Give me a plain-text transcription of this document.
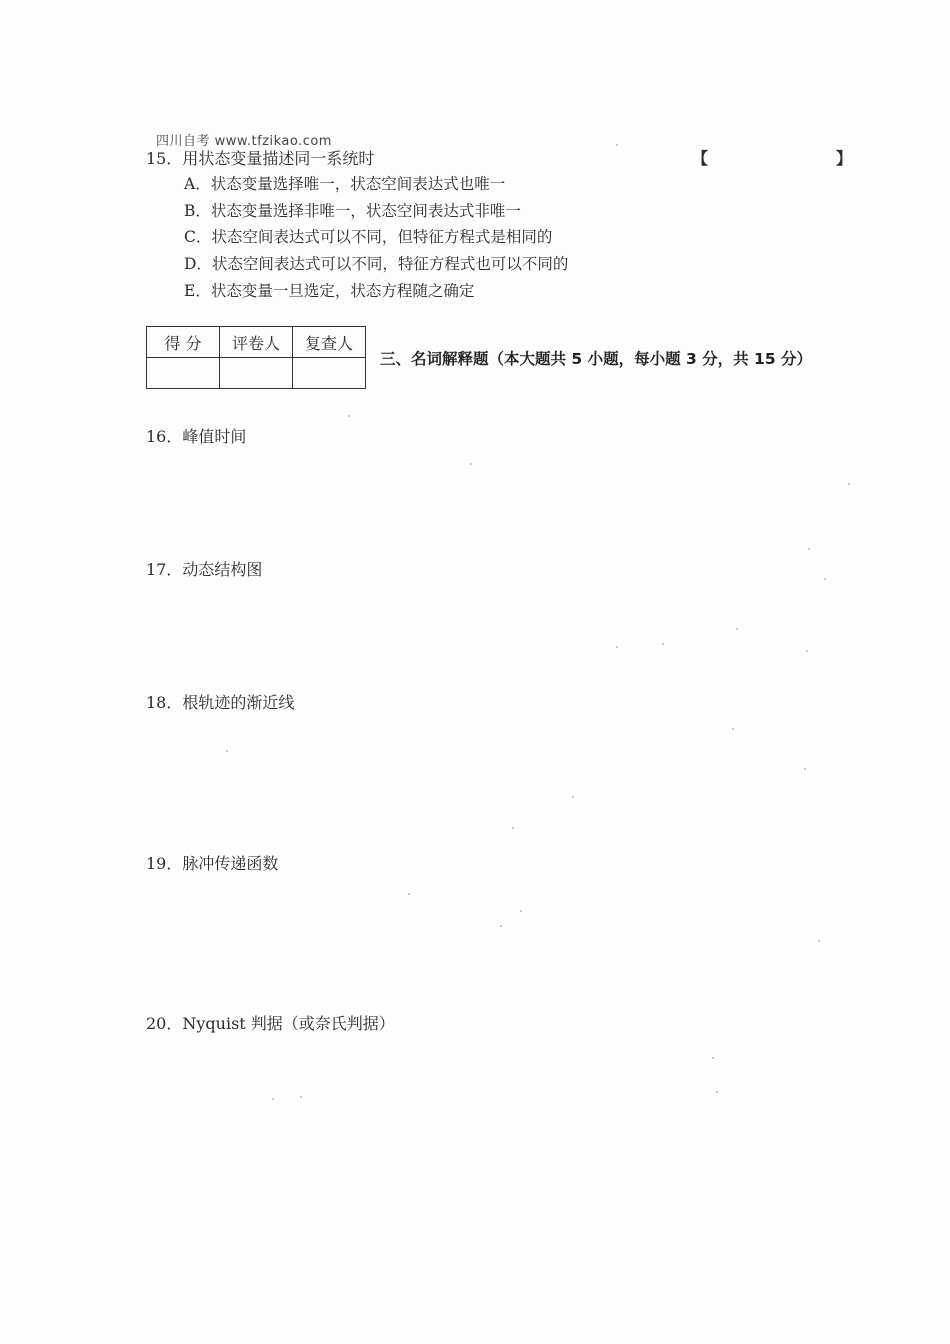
四川自考 www.tfzikao.com
15．用状态变量描述同一系统时	【	】
A．状态变量选择唯一，状态空间表达式也唯一
B．状态变量选择非唯一，状态空间表达式非唯一
C．状态空间表达式可以不同，但特征方程式是相同的
D．状态空间表达式可以不同，特征方程式也可以不同的
E．状态变量一旦选定，状态方程随之确定
得 分	评卷人	复查人

三、名词解释题（本大题共 5 小题，每小题 3 分，共 15 分）
16．峰值时间
17．动态结构图
18．根轨迹的渐近线
19．脉冲传递函数
20．Nyquist 判据（或奈氏判据）
